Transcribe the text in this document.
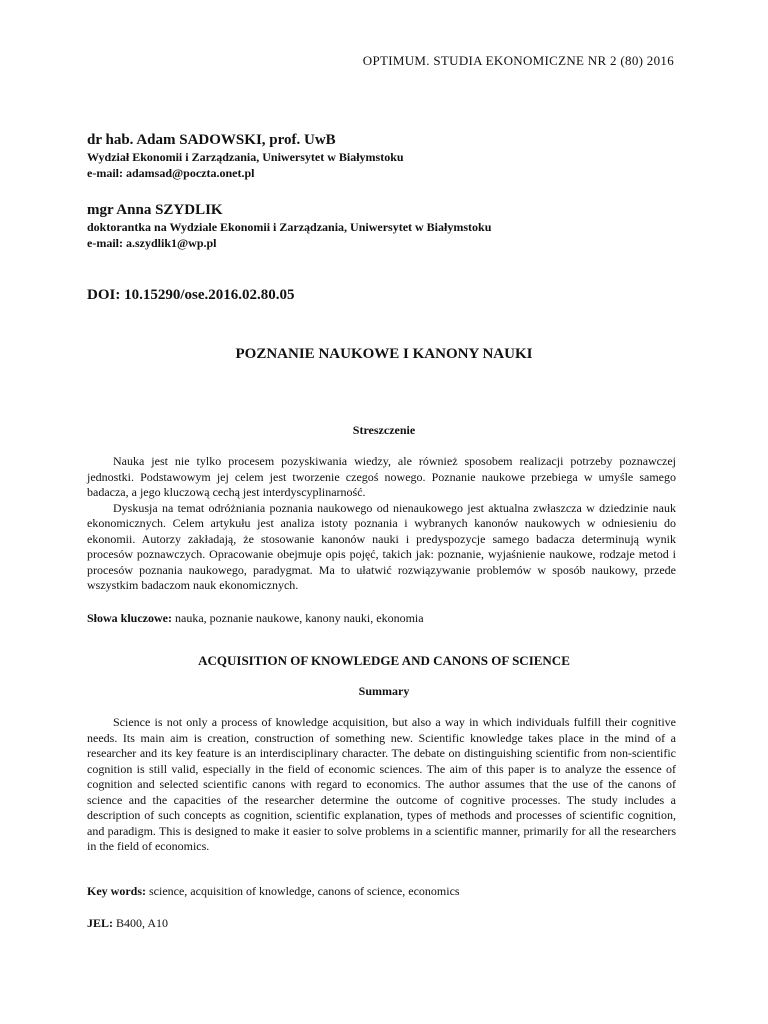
OPTIMUM. STUDIA EKONOMICZNE NR 2 (80) 2016
dr hab. Adam SADOWSKI, prof. UwB
Wydział Ekonomii i Zarządzania, Uniwersytet w Białymstoku
e-mail: adamsad@poczta.onet.pl
mgr Anna SZYDLIK
doktorantka na Wydziale Ekonomii i Zarządzania, Uniwersytet w Białymstoku
e-mail: a.szydlik1@wp.pl
DOI: 10.15290/ose.2016.02.80.05
POZNANIE NAUKOWE I KANONY NAUKI
Streszczenie

Nauka jest nie tylko procesem pozyskiwania wiedzy, ale również sposobem realizacji potrzeby poznawczej jednostki. Podstawowym jej celem jest tworzenie czegoś nowego. Poznanie naukowe przebiega w umyśle samego badacza, a jego kluczową cechą jest interdyscyplinarność.

Dyskusja na temat odróżniania poznania naukowego od nienaukowego jest aktualna zwłaszcza w dziedzinie nauk ekonomicznych. Celem artykułu jest analiza istoty poznania i wybranych kanonów naukowych w odniesieniu do ekonomii. Autorzy zakładają, że stosowanie kanonów nauki i predyspozycje samego badacza determinują wynik procesów poznawczych. Opracowanie obejmuje opis pojęć, takich jak: poznanie, wyjaśnienie naukowe, rodzaje metod i procesów poznania naukowego, paradygmat. Ma to ułatwić rozwiązywanie problemów w sposób naukowy, przede wszystkim badaczom nauk ekonomicznych.

Słowa kluczowe: nauka, poznanie naukowe, kanony nauki, ekonomia
ACQUISITION OF KNOWLEDGE AND CANONS OF SCIENCE
Summary

Science is not only a process of knowledge acquisition, but also a way in which individuals fulfill their cognitive needs. Its main aim is creation, construction of something new. Scientific knowledge takes place in the mind of a researcher and its key feature is an interdisciplinary character. The debate on distinguishing scientific from non-scientific cognition is still valid, especially in the field of economic sciences. The aim of this paper is to analyze the essence of cognition and selected scientific canons with regard to economics. The author assumes that the use of the canons of science and the capacities of the researcher determine the outcome of cognitive processes. The study includes a description of such concepts as cognition, scientific explanation, types of methods and processes of scientific cognition, and paradigm. This is designed to make it easier to solve problems in a scientific manner, primarily for all the researchers in the field of economics.

Key words: science, acquisition of knowledge, canons of science, economics
JEL: B400, A10
